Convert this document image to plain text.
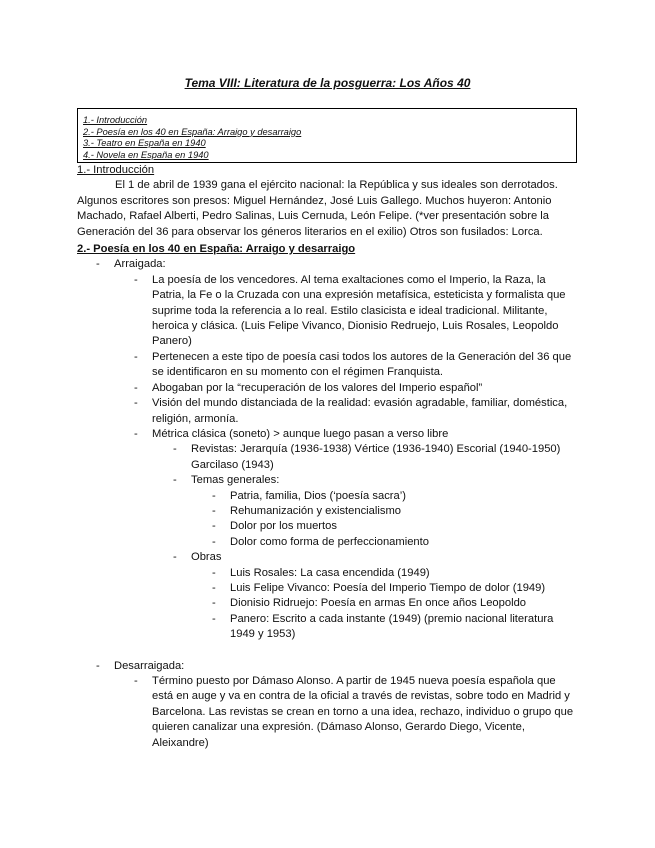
Tema VIII: Literatura de la posguerra: Los Años 40
1.- Introducción
2.- Poesía en los 40 en España: Arraigo y desarraigo
3.- Teatro en España en 1940
4.- Novela en España en 1940
1.- Introducción
El 1 de abril de 1939 gana el ejército nacional: la República y sus ideales son derrotados. Algunos escritores son presos: Miguel Hernández, José Luis Gallego. Muchos huyeron: Antonio Machado, Rafael Alberti, Pedro Salinas, Luis Cernuda, León Felipe. (*ver presentación sobre la Generación del 36 para observar los géneros literarios en el exilio) Otros son fusilados: Lorca.
2.- Poesía en los 40 en España: Arraigo y desarraigo
- Arraigada:
- La poesía de los vencedores. Al tema exaltaciones como el Imperio, la Raza, la Patria, la Fe o la Cruzada con una expresión metafísica, esteticista y formalista que suprime toda la referencia a lo real. Estilo clasicista e ideal tradicional. Militante, heroica y clásica. (Luis Felipe Vivanco, Dionisio Redruejo, Luis Rosales, Leopoldo Panero)
- Pertenecen a este tipo de poesía casi todos los autores de la Generación del 36 que se identificaron en su momento con el régimen Franquista.
- Abogaban por la “recuperación de los valores del Imperio español”
- Visión del mundo distanciada de la realidad: evasión agradable, familiar, doméstica, religión, armonía.
- Métrica clásica (soneto) > aunque luego pasan a verso libre
- Revistas: Jerarquía (1936-1938) Vértice (1936-1940) Escorial (1940-1950) Garcilaso (1943)
- Temas generales:
- Patria, familia, Dios (‘poesía sacra’)
- Rehumanización y existencialismo
- Dolor por los muertos
- Dolor como forma de perfeccionamiento
- Obras
- Luis Rosales: La casa encendida (1949)
- Luis Felipe Vivanco: Poesía del Imperio Tiempo de dolor (1949)
- Dionisio Ridruejo: Poesía en armas En once años Leopoldo
- Panero: Escrito a cada instante (1949) (premio nacional literatura 1949 y 1953)
- Desarraigada:
- Término puesto por Dámaso Alonso. A partir de 1945 nueva poesía española que está en auge y va en contra de la oficial a través de revistas, sobre todo en Madrid y Barcelona. Las revistas se crean en torno a una idea, rechazo, individuo o grupo que quieren canalizar una expresión. (Dámaso Alonso, Gerardo Diego, Vicente, Aleixandre)
